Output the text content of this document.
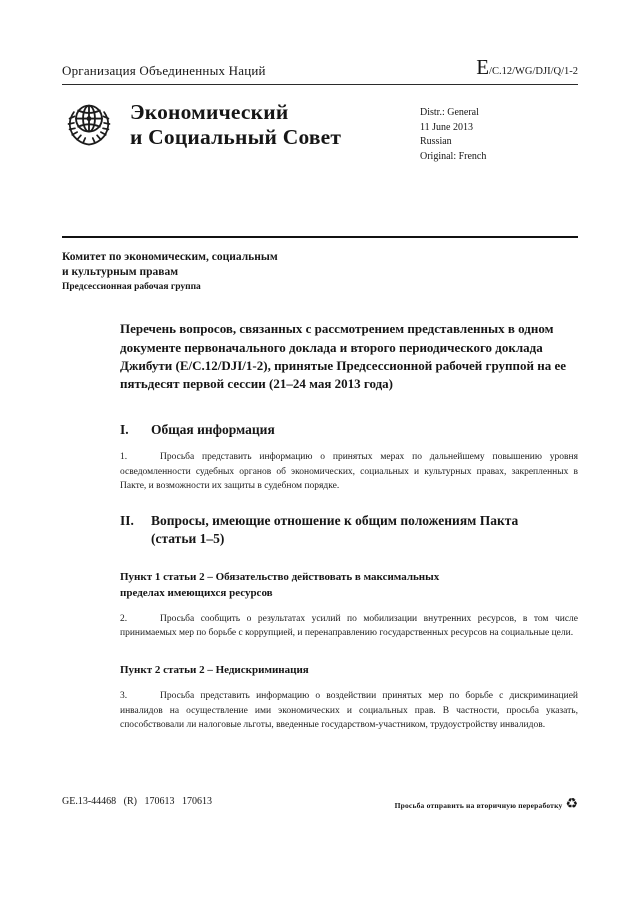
Организация Объединенных Наций	E/C.12/WG/DJI/Q/1-2
Экономический
и Социальный Совет
Distr.: General
11 June 2013
Russian
Original: French
Комитет по экономическим, социальным
и культурным правам
Предсессионная рабочая группа
Перечень вопросов, связанных с рассмотрением представленных в одном документе первоначального доклада и второго периодического доклада Джибути (E/C.12/DJI/1-2), принятые Предсессионной рабочей группой на ее пятьдесят первой сессии (21–24 мая 2013 года)
I.	Общая информация

1.	Просьба представить информацию о принятых мерах по дальнейшему повышению уровня осведомленности судебных органов об экономических, социальных и культурных правах, закрепленных в Пакте, и возможности их защиты в судебном порядке.

II.	Вопросы, имеющие отношение к общим положениям Пакта (статьи 1–5)
Пункт 1 статьи 2 – Обязательство действовать в максимальных пределах имеющихся ресурсов

2.	Просьба сообщить о результатах усилий по мобилизации внутренних ресурсов, в том числе принимаемых мер по борьбе с коррупцией, и перенаправлению государственных ресурсов на социальные цели.

Пункт 2 статьи 2 – Недискриминация

3.	Просьба представить информацию о воздействии принятых мер по борьбе с дискриминацией инвалидов на осуществление ими экономических и социальных прав. В частности, просьба указать, способствовали ли налоговые льготы, введенные государством-участником, трудоустройству инвалидов.

GE.13-44468 (R) 170613 170613	Просьба отправить на вторичную переработку ♻
